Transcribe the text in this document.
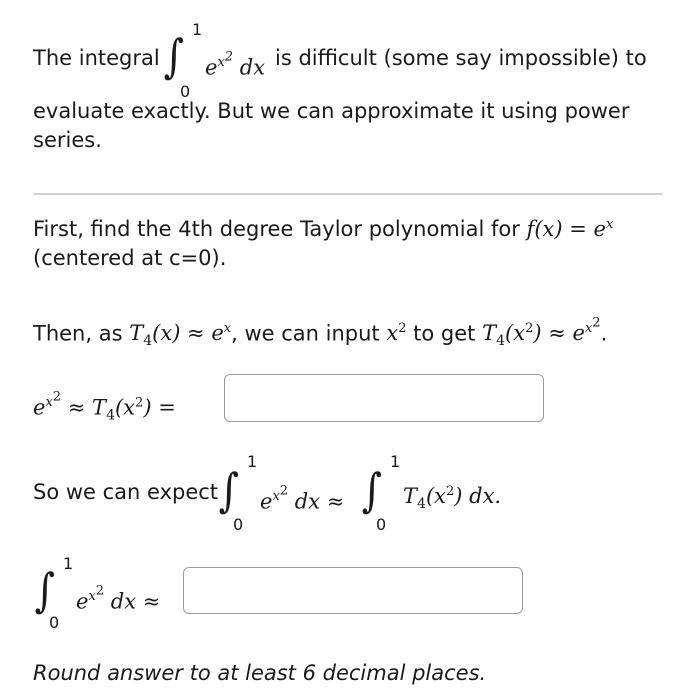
The integral ∫ 1
0
$e^{x^2}$ dx is difficult (some say impossible) to
evaluate exactly. But we can approximate it using power
series.
First, find the 4th degree Taylor polynomial for $f(x) = e^x$
(centered at c=0).
Then, as $T_4(x) \approx e^x$, we can input $x^2$ to get $T_4(x^2) \approx e^{x^2}$.
$e^{x^2} \approx T_4(x^2)$ =
So we can expect ∫
1
0
$e^{x^2}$ dx ≈ ∫
1
0
$T_4(x^2)$ dx.
∫ 1
0
$e^{x^2}$ dx ≈
Round answer to at least 6 decimal places.
